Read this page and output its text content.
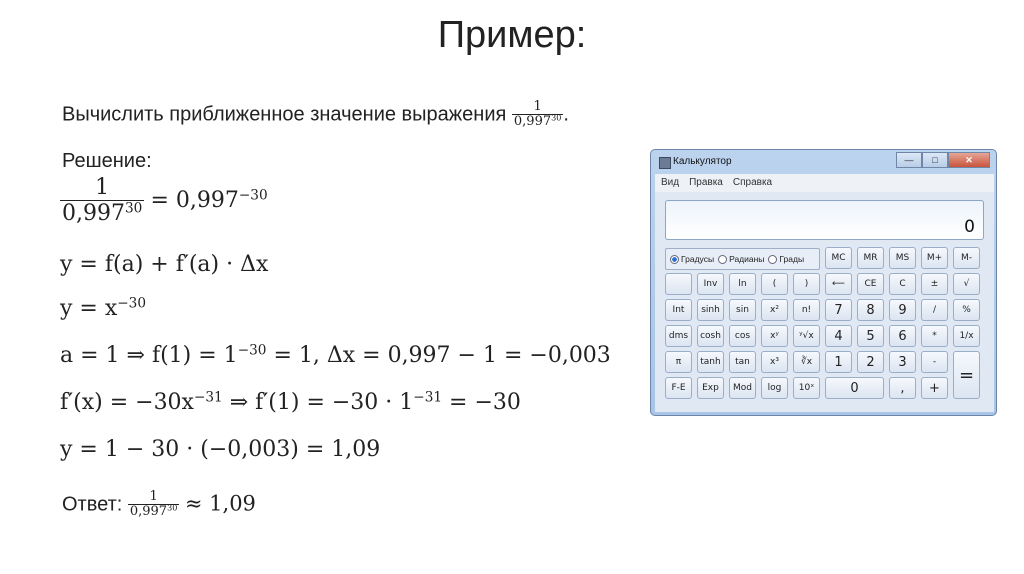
Пример:
Вычислить приближенное значение выражения $\frac{1}{0,997^{30}}$ .
Решение:
$\frac{1}{0,997^{30}} = 0,997^{-30}$
y = f(a) + f′(a) · Δx
$y = x^{-30}$
a = 1 ⇒ $f(1) = 1^{-30} = 1$, Δx = 0,997 − 1 = −0,003
$f'(x) = -30x^{-31}$ ⇒ $f'(1) = -30 \cdot 1^{-31} = -30$
y = 1 − 30 · (−0,003) = 1,09
Ответ: $\frac{1}{0,997^{30}} \approx 1,09$
Калькулятор	—	□	✕
Вид Правка Справка
0
Градусы	Радианы	Грады	MC	MR	MS	M+	M-
Inv	ln	(	)	⟵	CE	C	±	√
Int	sinh	sin	x²	n!	7	8	9	/	%
dms	cosh	cos	xʸ	ʸ√x	4	5	6	*	1/x
π	tanh	tan	x³	∛x	1	2	3	-
=
F-E	Exp	Mod	log	10ˣ	0	,	+
